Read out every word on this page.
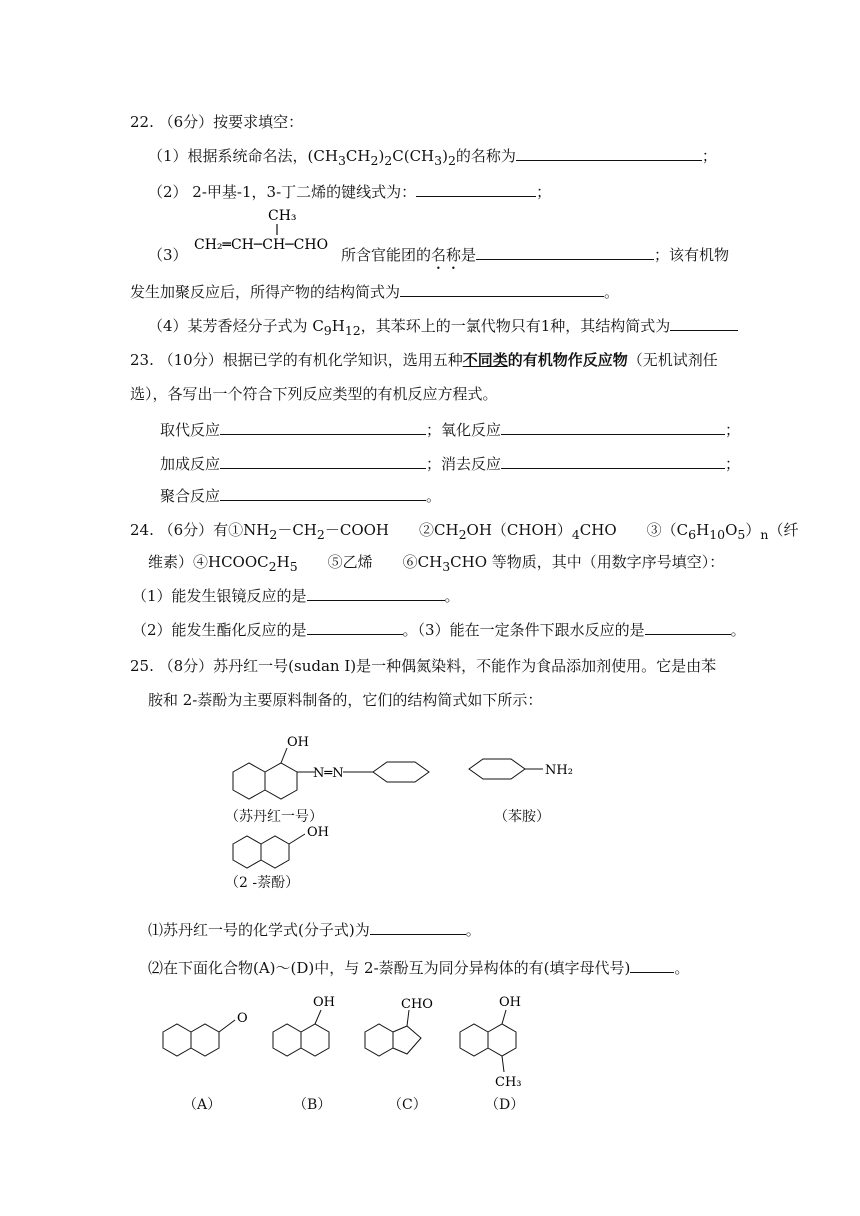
22. （6分）按要求填空：
（1）根据系统命名法，$(CH_3CH_2)_2C(CH_3)_2$的名称为	；
（2） 2-甲基-1，3-丁二烯的键线式为：	；
（3）
CH₃
CH₂═CH─CH─CHO
所含官能团的名称是	；该有机物
发生加聚反应后，所得产物的结构简式为	。
（4）某芳香烃分子式为 $C_9H_{12}$，其苯环上的一氯代物只有1种，其结构简式为
23. （10分）根据已学的有机化学知识，选用五种不同类的有机物作反应物（无机试剂任
选），各写出一个符合下列反应类型的有机反应方程式。
取代反应	；氧化反应	；
加成反应	；消去反应	；
聚合反应	。
24. （6分）有$①NH_2-CH_2-COOH$　　$②CH_2OH(CHOH)_4CHO$　　$③(C_6H_{10}O_5)_n$（纤
维素）$④HCOOC_2H_5$　　⑤乙烯　　$⑥CH_3CHO$ 等物质，其中（用数字序号填空）：
（1）能发生银镜反应的是	。
（2）能发生酯化反应的是	。（3）能在一定条件下跟水反应的是	。
25. （8分）苏丹红一号(sudan Ⅰ)是一种偶氮染料，不能作为食品添加剂使用。它是由苯
胺和 2-萘酚为主要原料制备的，它们的结构简式如下所示：
OH
N═N
（苏丹红一号）
NH₂
（苯胺）
OH
（2 -萘酚）
⑴苏丹红一号的化学式(分子式)为	。
⑵在下面化合物(A)～(D)中，与 2-萘酚互为同分异构体的有(填字母代号)	。
O
OH	CHO	OH
CH₃
（A）	（B）	（C）	（D）
